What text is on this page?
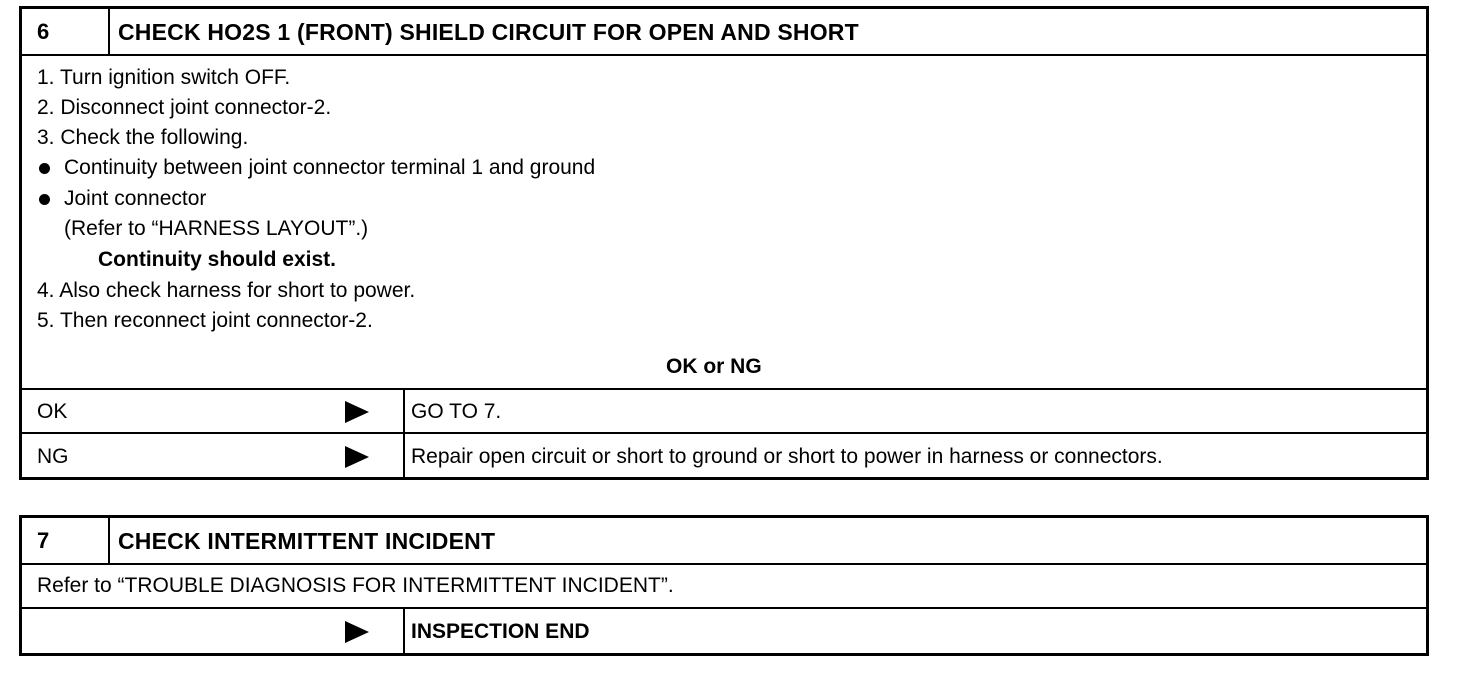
6	CHECK HO2S 1 (FRONT) SHIELD CIRCUIT FOR OPEN AND SHORT
1. Turn ignition switch OFF.
2. Disconnect joint connector-2.
3. Check the following.
Continuity between joint connector terminal 1 and ground
Joint connector
(Refer to “HARNESS LAYOUT”.)
Continuity should exist.
4. Also check harness for short to power.
5. Then reconnect joint connector-2.
OK or NG
OK	GO TO 7.
NG	Repair open circuit or short to ground or short to power in harness or connectors.
7	CHECK INTERMITTENT INCIDENT
Refer to “TROUBLE DIAGNOSIS FOR INTERMITTENT INCIDENT”.
INSPECTION END
